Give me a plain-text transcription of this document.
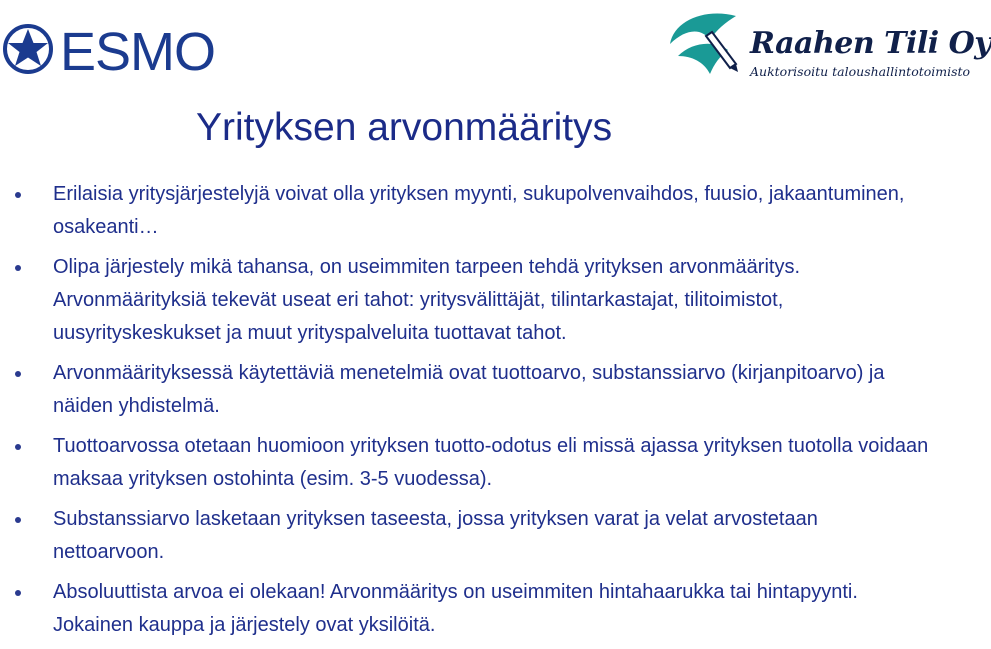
ESMO	Raahen Tili Oy
Auktorisoitu taloushallintotoimisto
Yrityksen arvonmääritys
Erilaisia yritysjärjestelyjä voivat olla yrityksen myynti, sukupolvenvaihdos, fuusio, jakaantuminen, osakeanti…
Olipa järjestely mikä tahansa, on useimmiten tarpeen tehdä yrityksen arvonmääritys. Arvonmäärityksiä tekevät useat eri tahot: yritysvälittäjät, tilintarkastajat, tilitoimistot, uusyrityskeskukset ja muut yrityspalveluita tuottavat tahot.
Arvonmäärityksessä käytettäviä menetelmiä ovat tuottoarvo, substanssiarvo (kirjanpitoarvo) ja näiden yhdistelmä.
Tuottoarvossa otetaan huomioon yrityksen tuotto-odotus eli missä ajassa yrityksen tuotolla voidaan maksaa yrityksen ostohinta (esim. 3-5 vuodessa).
Substanssiarvo lasketaan yrityksen taseesta, jossa yrityksen varat ja velat arvostetaan nettoarvoon.
Absoluuttista arvoa ei olekaan! Arvonmääritys on useimmiten hintahaarukka tai hintapyynti. Jokainen kauppa ja järjestely ovat yksilöitä.
